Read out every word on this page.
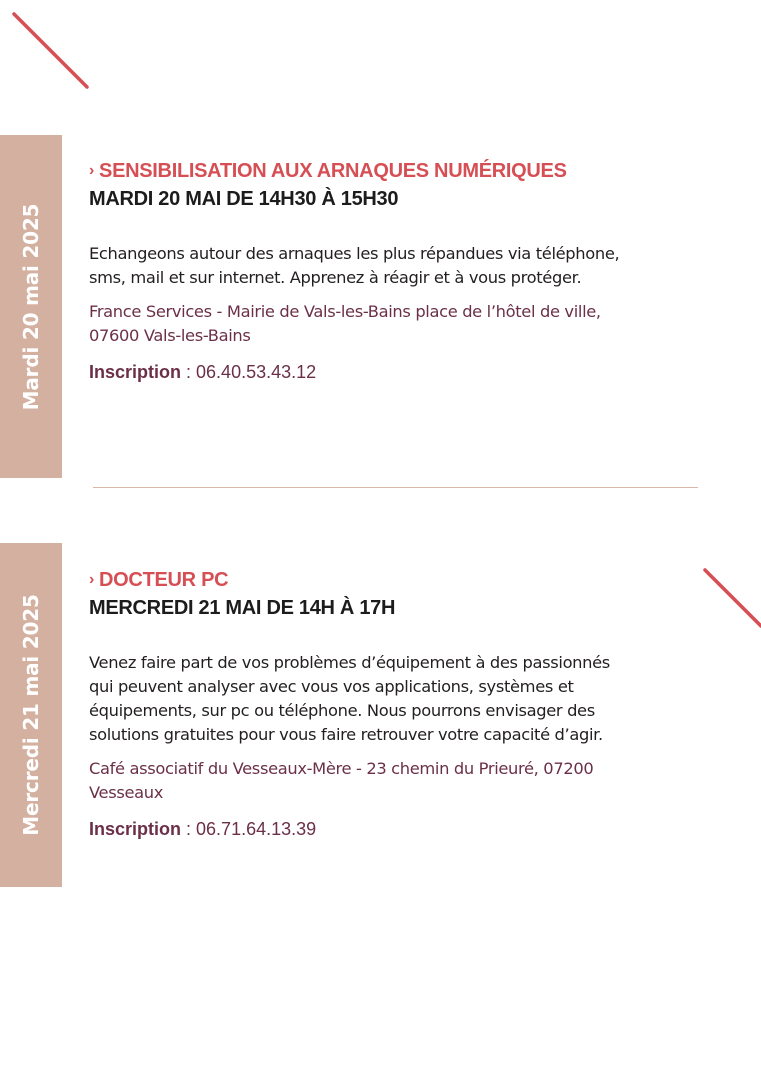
Mardi 20 mai 2025
› SENSIBILISATION AUX ARNAQUES NUMÉRIQUES
MARDI 20 MAI DE 14H30 À 15H30
Echangeons autour des arnaques les plus répandues via téléphone,
sms, mail et sur internet. Apprenez à réagir et à vous protéger.
France Services - Mairie de Vals-les-Bains place de l’hôtel de ville,
07600 Vals-les-Bains
Inscription : 06.40.53.43.12
Mercredi 21 mai 2025
› DOCTEUR PC
MERCREDI 21 MAI DE 14H À 17H
Venez faire part de vos problèmes d’équipement à des passionnés
qui peuvent analyser avec vous vos applications, systèmes et
équipements, sur pc ou téléphone. Nous pourrons envisager des
solutions gratuites pour vous faire retrouver votre capacité d’agir.
Café associatif du Vesseaux-Mère - 23 chemin du Prieuré, 07200
Vesseaux
Inscription : 06.71.64.13.39
